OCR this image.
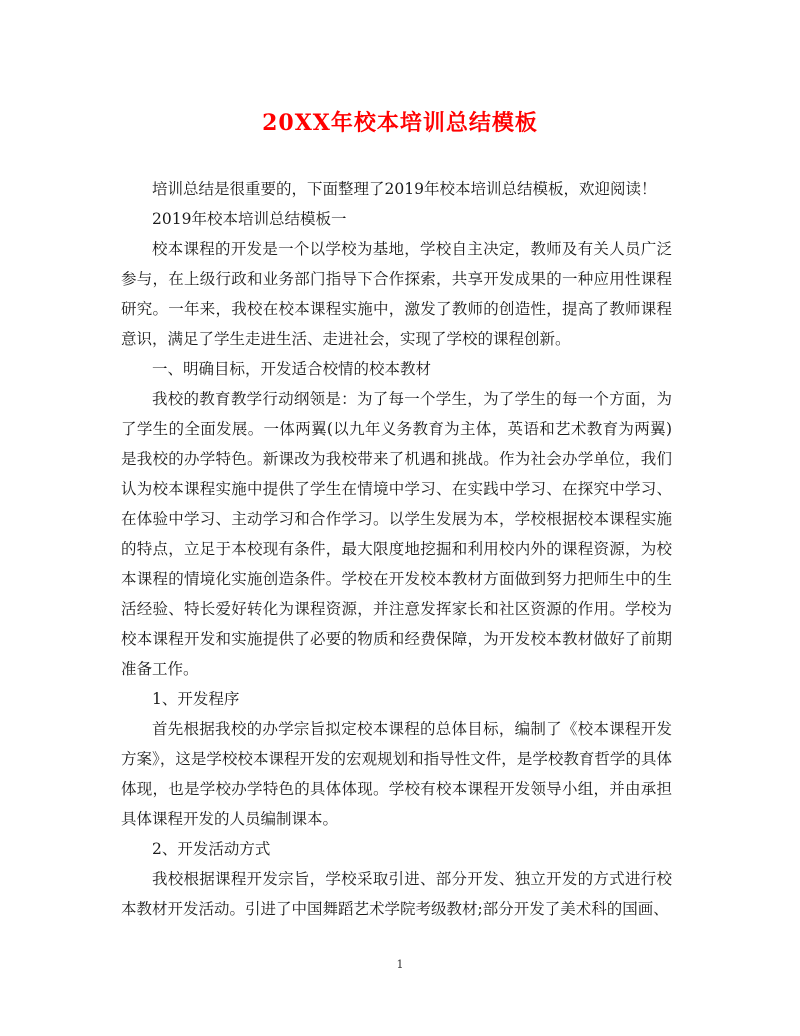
20XX年校本培训总结模板

培训总结是很重要的，下面整理了2019年校本培训总结模板，欢迎阅读！

2019年校本培训总结模板一

校本课程的开发是一个以学校为基地，学校自主决定，教师及有关人员广泛参与，在上级行政和业务部门指导下合作探索，共享开发成果的一种应用性课程研究。一年来，我校在校本课程实施中，激发了教师的创造性，提高了教师课程意识，满足了学生走进生活、走进社会，实现了学校的课程创新。

一、明确目标，开发适合校情的校本教材

我校的教育教学行动纲领是：为了每一个学生，为了学生的每一个方面，为了学生的全面发展。一体两翼(以九年义务教育为主体，英语和艺术教育为两翼)是我校的办学特色。新课改为我校带来了机遇和挑战。作为社会办学单位，我们认为校本课程实施中提供了学生在情境中学习、在实践中学习、在探究中学习、在体验中学习、主动学习和合作学习。以学生发展为本，学校根据校本课程实施的特点，立足于本校现有条件，最大限度地挖掘和利用校内外的课程资源，为校本课程的情境化实施创造条件。学校在开发校本教材方面做到努力把师生中的生活经验、特长爱好转化为课程资源，并注意发挥家长和社区资源的作用。学校为校本课程开发和实施提供了必要的物质和经费保障，为开发校本教材做好了前期准备工作。

1、开发程序

首先根据我校的办学宗旨拟定校本课程的总体目标，编制了《校本课程开发方案》，这是学校校本课程开发的宏观规划和指导性文件，是学校教育哲学的具体体现，也是学校办学特色的具体体现。学校有校本课程开发领导小组，并由承担具体课程开发的人员编制课本。

2、开发活动方式

我校根据课程开发宗旨，学校采取引进、部分开发、独立开发的方式进行校本教材开发活动。引进了中国舞蹈艺术学院考级教材;部分开发了美术科的国画、

1
